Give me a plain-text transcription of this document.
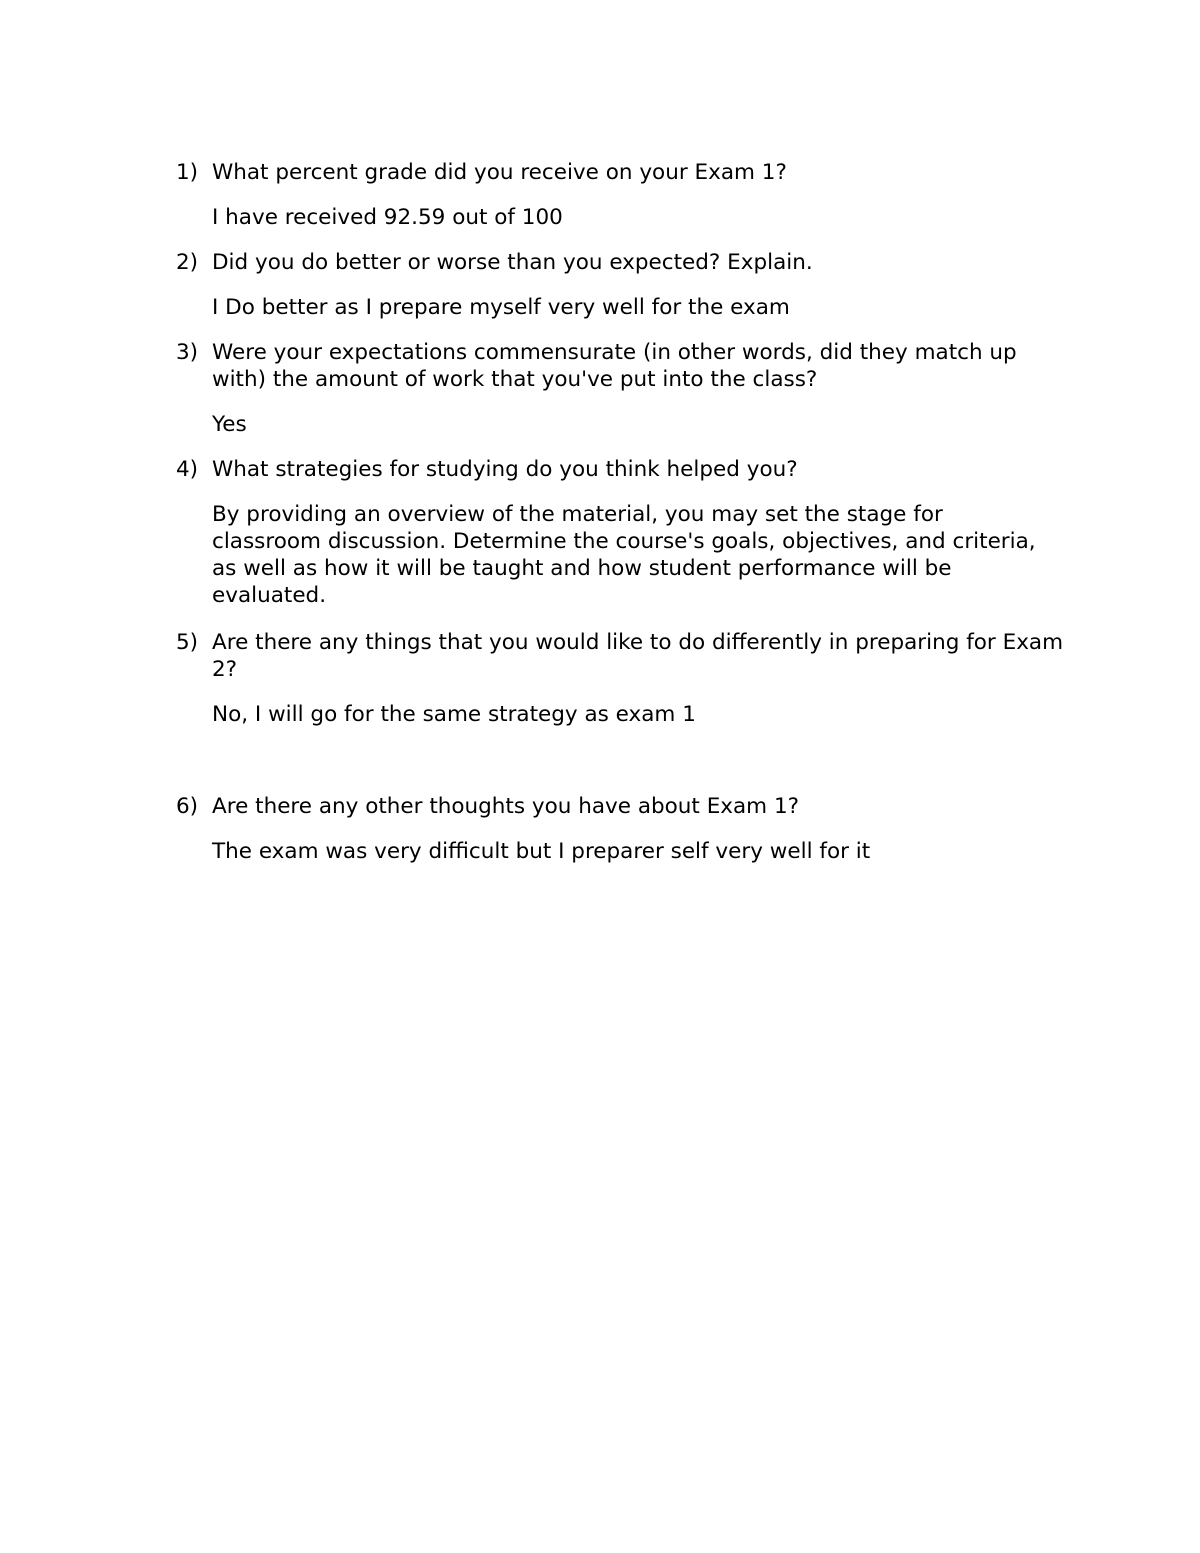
1) What percent grade did you receive on your Exam 1?
I have received 92.59 out of 100
2) Did you do better or worse than you expected? Explain.
I Do better as I prepare myself very well for the exam
3) Were your expectations commensurate (in other words, did they match up with) the amount of work that you've put into the class?
Yes
4) What strategies for studying do you think helped you?
By providing an overview of the material, you may set the stage for classroom discussion. Determine the course's goals, objectives, and criteria, as well as how it will be taught and how student performance will be evaluated.
5) Are there any things that you would like to do differently in preparing for Exam 2?
No, I will go for the same strategy as exam 1
6) Are there any other thoughts you have about Exam 1?
The exam was very difficult but I preparer self very well for it
